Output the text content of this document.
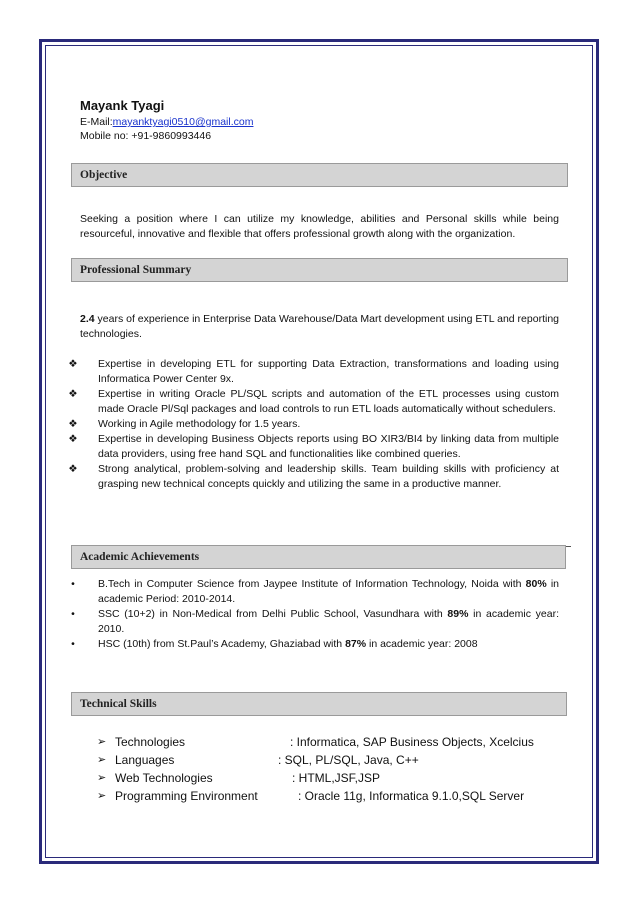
Mayank Tyagi
E-Mail:mayanktyagi0510@gmail.com
Mobile no: +91-9860993446
Objective
Seeking a position where I can utilize my knowledge, abilities and Personal skills while being resourceful, innovative and flexible that offers professional growth along with the organization.
Professional Summary
2.4 years of experience in Enterprise Data Warehouse/Data Mart development using ETL and reporting technologies.
❖ Expertise in developing ETL for supporting Data Extraction, transformations and loading using Informatica Power Center 9x.
❖ Expertise in writing Oracle PL/SQL scripts and automation of the ETL processes using custom made Oracle Pl/Sql packages and load controls to run ETL loads automatically without schedulers.
❖ Working in Agile methodology for 1.5 years.
❖ Expertise in developing Business Objects reports using BO XIR3/BI4 by linking data from multiple data providers, using free hand SQL and functionalities like combined queries.
❖ Strong analytical, problem-solving and leadership skills. Team building skills with proficiency at grasping new technical concepts quickly and utilizing the same in a productive manner.
Academic Achievements
•	B.Tech in Computer Science from Jaypee Institute of Information Technology, Noida with 80% in academic Period: 2010-2014.
•	SSC (10+2) in Non-Medical from Delhi Public School, Vasundhara with 89% in academic year: 2010.
•	HSC (10th) from St.Paul’s Academy, Ghaziabad with 87% in academic year: 2008
Technical Skills
➢ Technologies	: Informatica, SAP Business Objects, Xcelcius
➢ Languages	: SQL, PL/SQL, Java, C++
➢ Web Technologies	: HTML,JSF,JSP
➢ Programming Environment	: Oracle 11g, Informatica 9.1.0,SQL Server
